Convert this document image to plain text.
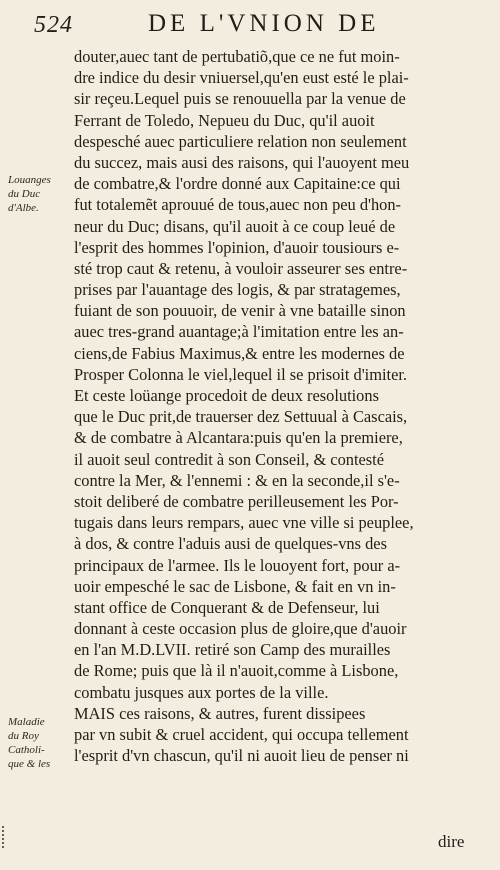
524	DE L'VNION DE
Louanges
du Duc
d'Albe.
Maladie
du Roy
Catholi-
que & les
douter,auec tant de pertubatiõ,que ce ne fut moin-
dre indice du desir vniuersel,qu'en eust esté le plai-
sir reçeu.Lequel puis se renouuella par la venue de
Ferrant de Toledo, Nepueu du Duc, qu'il auoit
despesché auec particuliere relation non seulement
du succez, mais ausi des raisons, qui l'auoyent meu
de combatre,& l'ordre donné aux Capitaine:ce qui
fut totalemẽt aprouué de tous,auec non peu d'hon-
neur du Duc; disans, qu'il auoit à ce coup leué de
l'esprit des hommes l'opinion, d'auoir tousiours e-
sté trop caut & retenu, à vouloir asseurer ses entre-
prises par l'auantage des logis, & par stratagemes,
fuiant de son pouuoir, de venir à vne bataille sinon
auec tres-grand auantage;à l'imitation entre les an-
ciens,de Fabius Maximus,& entre les modernes de
Prosper Colonna le viel,lequel il se prisoit d'imiter.
Et ceste loüange procedoit de deux resolutions
que le Duc prit,de trauerser dez Settuual à Cascais,
& de combatre à Alcantara:puis qu'en la premiere,
il auoit seul contredit à son Conseil, & contesté
contre la Mer, & l'ennemi : & en la seconde,il s'e-
stoit deliberé de combatre perilleusement les Por-
tugais dans leurs rempars, auec vne ville si peuplee,
à dos, & contre l'aduis ausi de quelques-vns des
principaux de l'armee. Ils le louoyent fort, pour a-
uoir empesché le sac de Lisbone, & fait en vn in-
stant office de Conquerant & de Defenseur, lui
donnant à ceste occasion plus de gloire,que d'auoir
en l'an M.D.LVII. retiré son Camp des murailles
de Rome; puis que là il n'auoit,comme à Lisbone,
combatu jusques aux portes de la ville.
MAIS ces raisons, & autres, furent dissipees
par vn subit & cruel accident, qui occupa tellement
l'esprit d'vn chascun, qu'il ni auoit lieu de penser ni
dire
